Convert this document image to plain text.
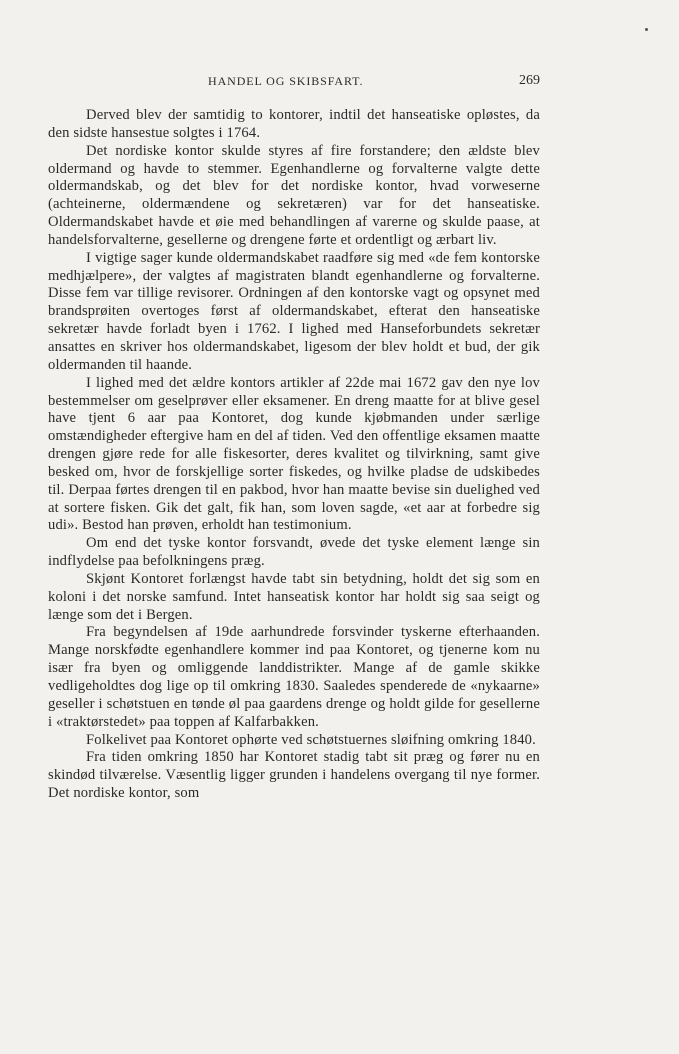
HANDEL OG SKIBSFART.	269

Derved blev der samtidig to kontorer, indtil det hanseatiske opløstes, da den sidste hansestue solgtes i 1764.

Det nordiske kontor skulde styres af fire forstandere; den ældste blev oldermand og havde to stemmer. Egenhandlerne og forvalterne valgte dette oldermandskab, og det blev for det nordiske kontor, hvad vorweserne (achteinerne, oldermændene og sekretæren) var for det hanseatiske. Oldermandskabet havde et øie med behandlingen af varerne og skulde paase, at handelsforvalterne, gesellerne og drengene førte et ordentligt og ærbart liv.

I vigtige sager kunde oldermandskabet raadføre sig med «de fem kontorske medhjælpere», der valgtes af magistraten blandt egenhandlerne og forvalterne. Disse fem var tillige revisorer. Ordningen af den kontorske vagt og opsynet med brandsprøiten overtoges først af oldermandskabet, efterat den hanseatiske sekretær havde forladt byen i 1762. I lighed med Hanseforbundets sekretær ansattes en skriver hos oldermandskabet, ligesom der blev holdt et bud, der gik oldermanden til haande.

I lighed med det ældre kontors artikler af 22de mai 1672 gav den nye lov bestemmelser om geselprøver eller eksamener. En dreng maatte for at blive gesel have tjent 6 aar paa Kontoret, dog kunde kjøbmanden under særlige omstændigheder eftergive ham en del af tiden. Ved den offentlige eksamen maatte drengen gjøre rede for alle fiskesorter, deres kvalitet og tilvirkning, samt give besked om, hvor de forskjellige sorter fiskedes, og hvilke pladse de udskibedes til. Derpaa førtes drengen til en pakbod, hvor han maatte bevise sin duelighed ved at sortere fisken. Gik det galt, fik han, som loven sagde, «et aar at forbedre sig udi». Bestod han prøven, erholdt han testimonium.

Om end det tyske kontor forsvandt, øvede det tyske element længe sin indflydelse paa befolkningens præg.

Skjønt Kontoret forlængst havde tabt sin betydning, holdt det sig som en koloni i det norske samfund. Intet hanseatisk kontor har holdt sig saa seigt og længe som det i Bergen.

Fra begyndelsen af 19de aarhundrede forsvinder tyskerne efterhaanden. Mange norskfødte egenhandlere kommer ind paa Kontoret, og tjenerne kom nu især fra byen og omliggende landdistrikter. Mange af de gamle skikke vedligeholdtes dog lige op til omkring 1830. Saaledes spenderede de «nykaarne» geseller i schøtstuen en tønde øl paa gaardens drenge og holdt gilde for gesellerne i «traktørstedet» paa toppen af Kalfarbakken.

Folkelivet paa Kontoret ophørte ved schøtstuernes sløifning omkring 1840.

Fra tiden omkring 1850 har Kontoret stadig tabt sit præg og fører nu en skindød tilværelse. Væsentlig ligger grunden i handelens overgang til nye former. Det nordiske kontor, som
